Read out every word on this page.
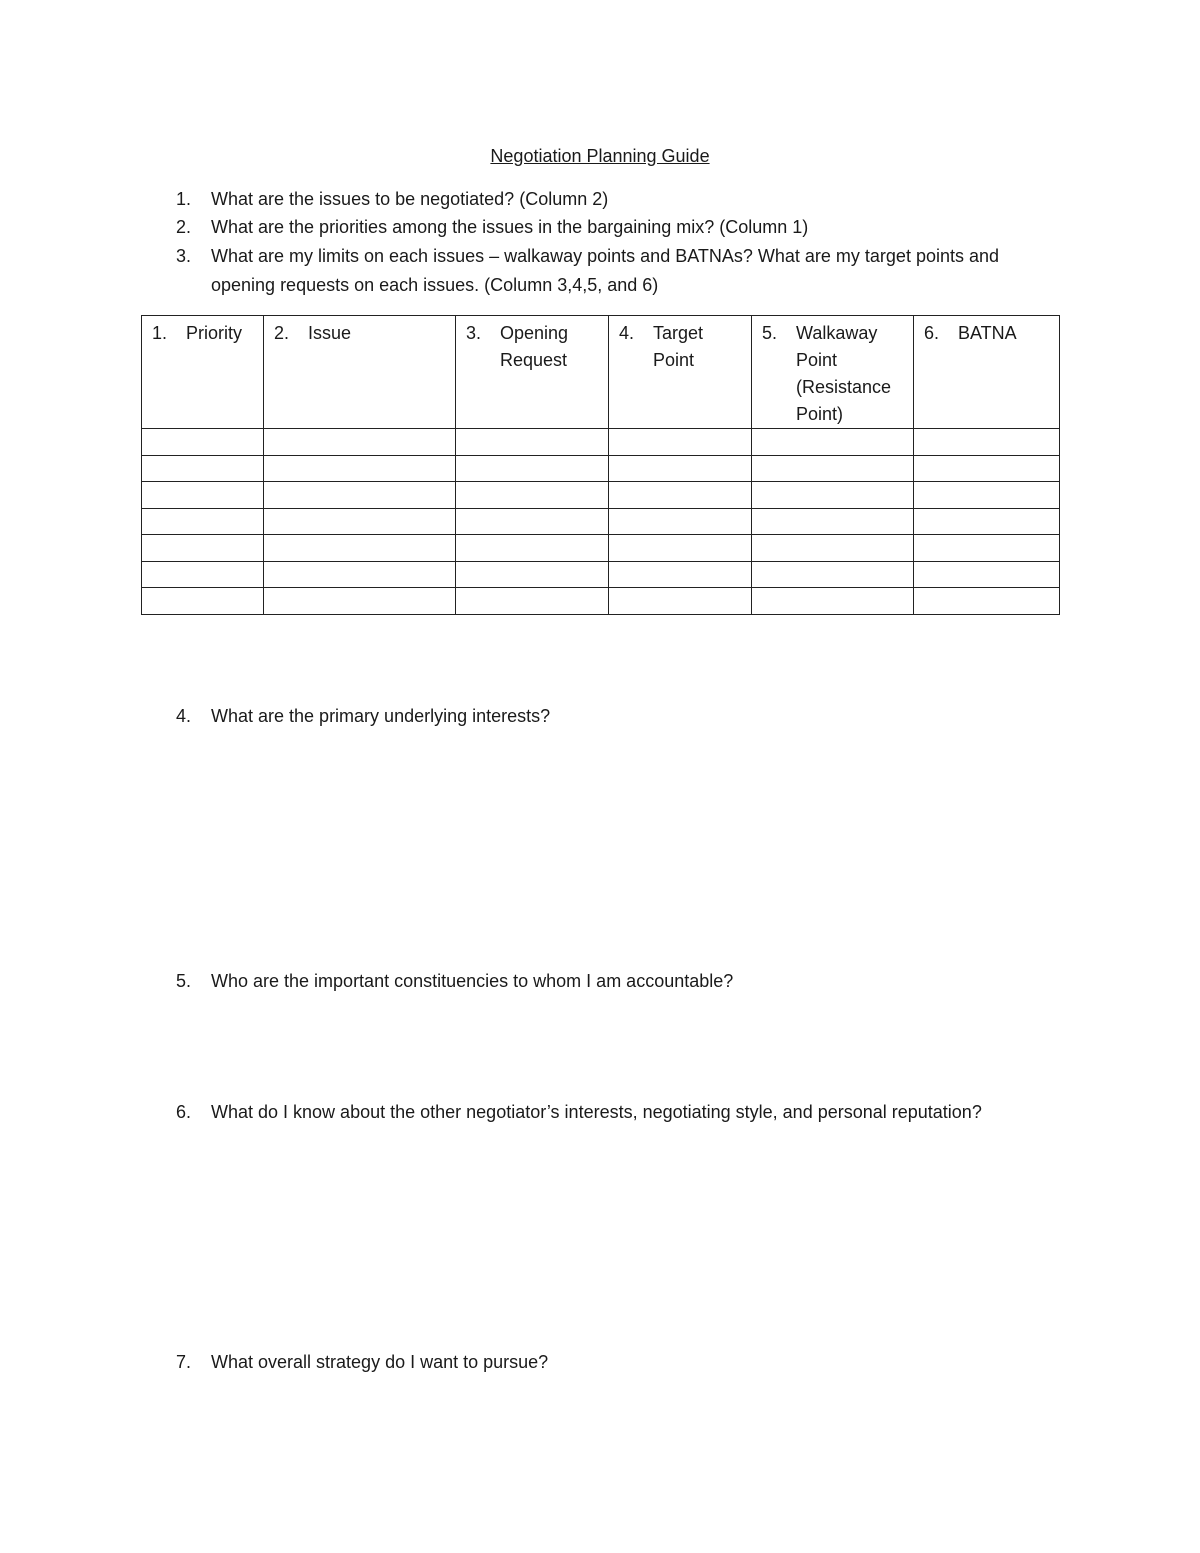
Negotiation Planning Guide
1.	What are the issues to be negotiated? (Column 2)
2.	What are the priorities among the issues in the bargaining mix? (Column 1)
3.	What are my limits on each issues – walkaway points and BATNAs? What are my target points and opening requests on each issues. (Column 3,4,5, and 6)
1. Priority	2. Issue	3. Opening Request	4. Target Point	5. Walkaway Point (Resistance Point)	6. BATNA

4.	What are the primary underlying interests?
5.	Who are the important constituencies to whom I am accountable?
6.	What do I know about the other negotiator’s interests, negotiating style, and personal reputation?
7.	What overall strategy do I want to pursue?
